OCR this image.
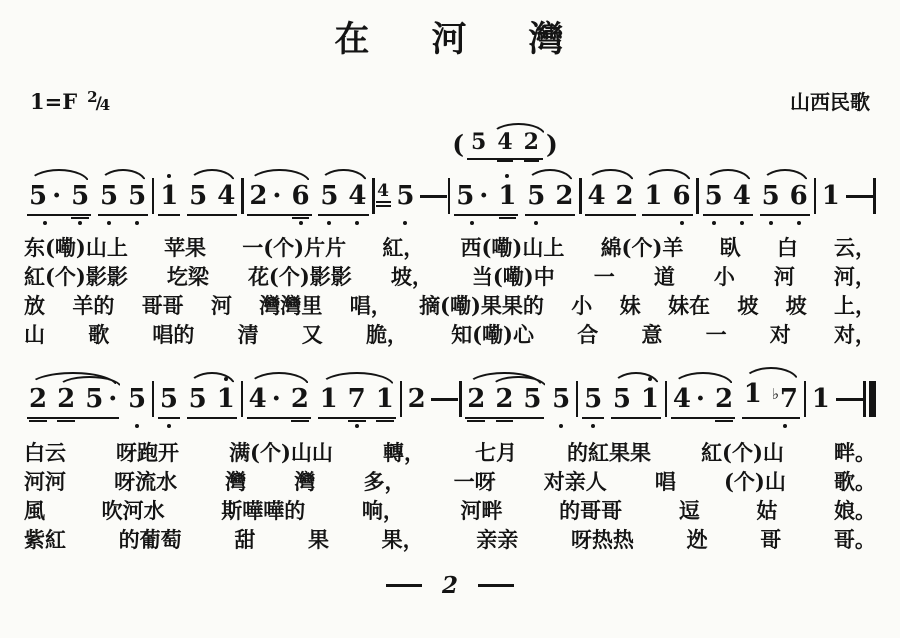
在 河 灣
1=F $^2$/4	山西民歌
( 5 4 2 )
5 · 5 5 5 1 5 4 2 · 6 5 4 4 5 5 · 1 5 2 4 2 1 6 5 4 5 6 1
东(嘞)山上 苹果 一(个)片片 紅， 西(嘞)山上 綿(个)羊 臥 白 云，
紅(个)影影 圪梁 花(个)影影 坡， 当(嘞)中 一 道 小 河 河，
放 羊的 哥哥 河 灣灣里 唱， 摘(嘞)果果的 小 妹 妹在 坡 坡 上，
山 歌 唱的 清 又 脆， 知(嘞)心 合 意 一 对 对，
2 2 5 · 5 5 5 1 4 · 2 1 7 1 2 2 2 5 5 5 5 1 4 · 2 1 ♭7 1
白云 呀跑开 满(个)山山 轉， 七月 的紅果果 紅(个)山 畔。
河河 呀流水 灣 灣 多， 一呀 对亲人 唱 (个)山 歌。
風	吹河水	斯嘩嘩的	响，	河畔	的哥哥	逗	姑	娘。
紫紅	的葡萄	甜	果	果，	亲亲	呀热热	迯	哥	哥。
2
